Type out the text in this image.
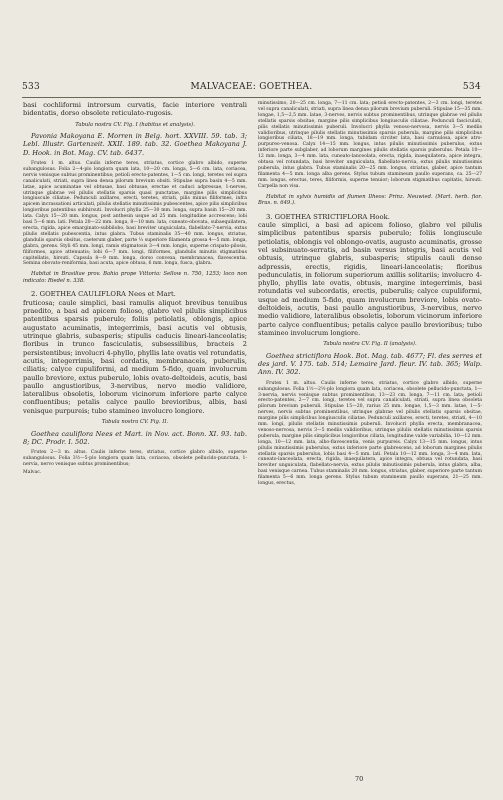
533	MALVACEAE: GOETHEA.	534

basi cochliformi introrsum curvatis, facie interiore ventrali bidentatis, dorso obsolete reticulato-rugosis.

Tabula nostra CV. Fig. I (habitus et analysis).

Pavonia Makoyana E. Morren in Belg. hort. XXVIII. 59. tab. 3; Lebl. Illustr. Gartenzeit. XXII. 189. tab. 32. Goethea Makoyana J. D. Hook. in Bot. Mag. CV. tab. 6437.

Frutex 1 m. altus. Caulis inferne teres, striatus, cortice glabro albido, superne subangulosus. Folia 2—4-plo longiora quam lata, 10—20 cm. longa, 5—6 cm. lata, coriacea, nervis venisque subtus prominentibus; petioli erecto-patentes, 1—5 cm. longi, teretes vel supra canaliculati, striati, supra linea densa pilorum brevium obsiti. Stipulae supra basin 4—5 mm. latae, apice acuminatae vel obtusae, basi obtusae, erectae et caduci adpressae, 1-nerves, utrinque glabrae vel pilulis stellatis sparsis quasi punctatae, margine pilis simplicibus longiuscule ciliatae. Pedunculi axillares, erecti, teretes, striati, pilis minus filiformes, infra apicem incrassationi articulati, pilulis stellatis minutissimis pubescentes, apice pilis simplicibus longioribus patentibus subhirsuti. Involucri phylla 25—30 mm. longa, supra basin 15—20 mm. lata. Calyx 15—20 mm. longus, post anthesin usque ad 25 mm. longitudine accrescens; lobi basi 5—6 mm. lati. Petala 20—22 mm. longa, 8—10 mm. lata, cuneato-obovata, subaequilatera, erecta, rigida, apice emarginato-subbilobo, basi breviter unguiculata, flabellato-7-nervia, extus pilulis stellatis pubescentia, intus glabra. Tubus staminalis 35—40 mm. longus, striatus, glandulis sparsis obsitus, caeterum glaber, parte ⅓ superiore filamenta grossa 4—5 mm. longa, glabra, gerens. Styli 45 mm. longi, ramis stigmatosis 3—4 mm. longis, superne crispato-pilosis, filiformes, apice attenuatis; lobi 6—7 mm. longi, filiformes, glandulis minutis stigmatibus capitellatis, hirsuti. Capsula 8—9 mm. longa, dorso convexa, membranacea, flavescentia. Semina obovato-reniformia, basi acuta, apice obtusa, 6 mm. longa, fusca, glabra.

Habitat in Brasiliae prov. Bahia prope Vittoria: Sellow n. 750, 1253; loco non indicato: Riedel n. 338.

2. GOETHEA CAULIFLORA Nees et Mart.

fruticosa; caule simplici, basi ramulis aliquot brevibus tenuibus praedito, a basi ad apicem folioso, glabro vel pilulis simplicibus patentibus sparsis puberulo; foliis petiolatis, oblongis, apice augustato acuminatis, integerrimis, basi acutis vel obtusis, utrinque glabris, subasperis; stipulis caducis lineari-lanceolatis; floribus in trunco fasciculatis, subsessilibus, bracteis 2 persistentibus; involucri 4-phyllo, phyllis late ovatis vel rotundatis, acutis, integerrimis, basi cordatis, membranaceis, puberulis, ciliatis; calyce cupuliformi, ad medium 5-fido, quam involucrum paullo breviore, extus puberulo, lobis ovato-deltoideis, acutis, basi paullo angustioribus, 3-nervibus, nervo medio validiore, lateralibus obsoletis, loborum vicinorum inferiore parte calyce confluentibus; petalis calyce paullo brevioribus, albis, basi venisque purpureis; tubo stamineo involucro longiore.

Tabula nostra CV. Fig. II.

Goethea cauliflora Nees et Mart. in Nov. act. Bonn. XI. 93. tab. 8; DC. Prodr. I. 502.

Frutex 2—3 m. altus. Caulis inferne teres, striatus, cortice glabro albido, superne subangulosus. Folia 3½—5-plo longiora quam lata, coriacea, obsolete pellucido-punctata, 1-nervia, nervo venisque subtus prominentibus;

Malvac.

minutissimo, 20—25 cm. longa, 7—11 cm. lata; petioli erecto-patentes, 2—3 cm. longi, teretes vel supra canaliculati, striati, supra linea densa pilorum brevium puberuli. Stipulae 15—35 mm. longae, 1,5—2,5 mm. latae, 3-nerves, nervis subtus prominentibus, utrinque glabrae vel pilulis stellatis sparsis obsitae, margine pilis simplicibus longiusculis ciliatae. Pedunculi fasciculati, pilis stellatis minutissimis puberuli. Involucri phylla venoso-nervosa, nervis 3—5 mediis validioribus, utrinque pilulis stellatis minutissimis sparsis puberula, margine pilis simplicibus longioribus ciliata, 18—19 mm. longa, tubidam circiter lata, basi carnulosa, apice atro-purpureo-venosa. Calyx 14—15 mm. longus, intus pilulis minutissimis puberulus, extus inferiore parte subglaber, ad loborum margines pilulis stellatis sparsis puberulus. Petala 10—12 mm. longa, 3—4 mm. lata, cuneato-lanceolata, erecta, rigida, inaequilatera, apice integra, obtusa vel rotundata, basi breviter unguiculata, flabellato-nervia, extus pilulis minutissimis puberula, intus glabra. Tubus staminalis 20—25 mm. longus, striatus, glaber, apice tantum filamenta 4—5 mm. longa alba gerens. Stylus tubum stamineum paullo superans, ca. 25—27 mm. longus, erectus, teres, filiformis, superne tenuior; loborum stigmatibus capitatis, hirsuti. Carpella non visa.

Habitat in sylvis humidis ad flumen Ilheos: Prinz. Neuwied. (Mart. herb. fior. Bras. n. 649.).

3. GOETHEA STRICTIFLORA Hook.

caule simplici, a basi ad apicem folioso, glabro vel pilulis simplicibus patentibus sparsis puberulo; foliis longiuscule petiolatis, oblongis vel oblongo-ovatis, augusto acuminatis, grosse vel subsinuato-serratis, ad basin versus integris, basi acutis vel obtusis, utrinque glabris, subasperis; stipulis cauli dense adpressis, erectis, rigidis, lineari-lanceolatis; floribus pedunculatis, in foliorum superiorum axillis solitariis; involucro 4-phyllo, phyllis late ovatis, obtusis, margine integerrimis, basi rotundatis vel subcordatis, erectis, puberulis; calyce cupuliformi, usque ad medium 5-fido, quam involucrum breviore, lobis ovato-deltoideis, acutis, basi paullo angustioribus, 3-nervibus, nervo medio validiore, lateralibus obsoletis, loborum vicinorum inferiore parte calyce confluentibus; petalis calyce paullo brevioribus; tubo stamineo involucrum longiore.

Tabula nostra CV. Fig. II (analysis).

Goethea strictiflora Hook. Bot. Mag. tab. 4677; Fl. des serres et des jard. V. 175. tab. 514; Lemaire Jard. fleur. IV. tab. 365; Walp. Ann. IV. 302.

Frutex 1 m. altus. Caulis inferne teres, striatus, cortice glabro albido, superne subangulosus. Folia 1½—2½-plo longiora quam lata, coriacea, obsolete pellucido-punctata, 1—3-nervia, nervis venisque subtus prominentibus, 13—23 cm. longa, 7—11 cm. lata; petioli erecto-patentes, 2—7 cm. longi, teretes vel supra canaliculati, striati, supra linea obsoleta pilorum brevium puberuli. Stipulae 15—20, rarius 25 mm. longae, 1,5—3 mm. latae, 1—5-nerves, nervis subtus prominentibus, utrinque glabrae vel pilulis stellatis sparsis obsitae, margine pilis simplicibus longiusculis ciliatae. Pedunculi axillares, erecti, teretes, striati, 4—10 mm. longi, pilulis stellatis minutissimis puberuli. Involucri phylla erecta, membranacea, venoso-nervosa, nervis 3—5 mediis validioribus, utrinque pilulis stellatis minutissimis sparsis puberula, margine pilis simplicibus longioribus ciliata, longitudine valde variabilia, 10—12 mm. longa, 10—12 mm. lata, albo-flavescentia, venis purpureis. Calyx 13—15 mm. longus, intus pilulis minutissimis puberulus, extus inferiore parte glabrescens, ad loborum margines pilulis stellatis sparsis puberulus, lobis basi 4—5 mm. lati. Petala 10—12 mm. longa, 3—4 mm. lata, cuneato-lanceolata, erecta, rigida, inaequilatera, apice integra, obtusa vel rotundata, basi breviter unguiculata, flabellato-nervia, extus pilulis minutissimis puberula, intus glabra, alba, basi venisque carnea. Tubus staminalis 20 mm. longus, striatus, glaber, superiore parte tantum filamenta 5—6 mm. longa gerens. Stylus tubum stamineum paullo superans, 21—25 mm. longus, erectus,

70
